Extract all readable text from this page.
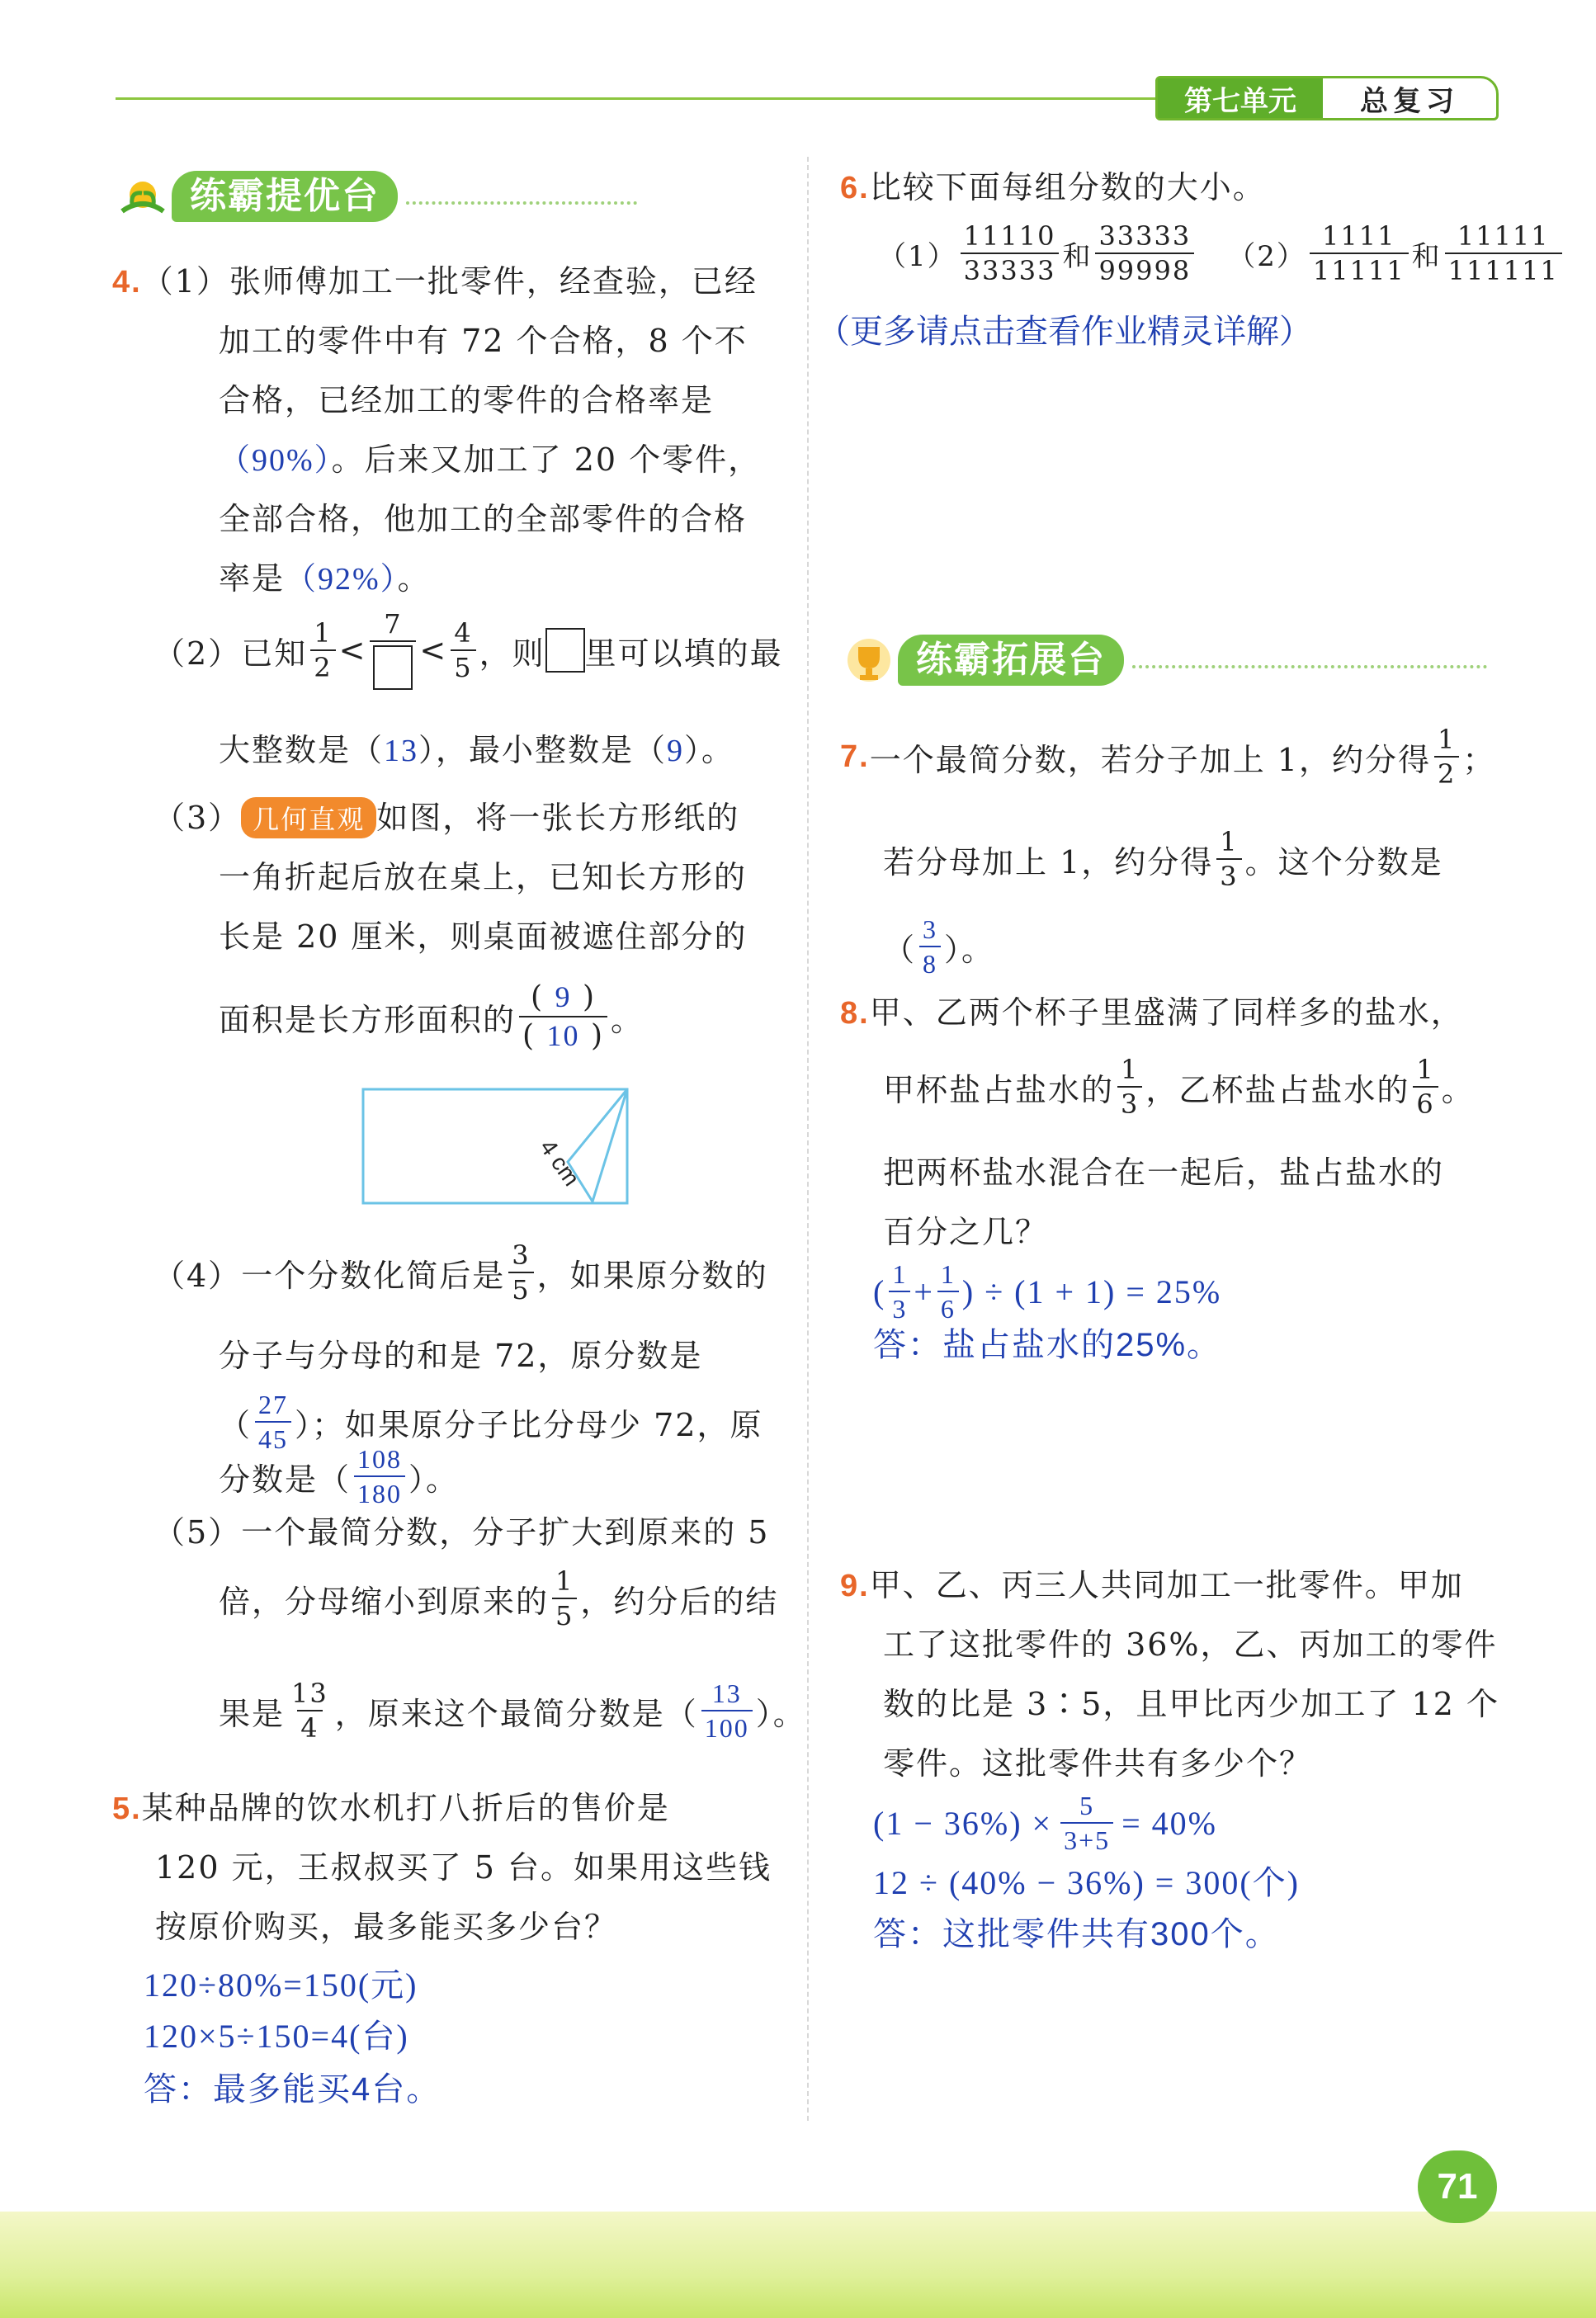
第七单元	总复习
练霸提优台
练霸拓展台
4.（1）张师傅加工一批零件，经查验，已经
加工的零件中有 72 个合格，8 个不
合格，已经加工的零件的合格率是
（90%）。后来又加工了 20 个零件，
全部合格，他加工的全部零件的合格
率是（92%）。
（2） 已知 $\frac{1}{2}$ <
7
< $\frac{4}{5}$ ，则 里可以填的最
大整数是（13），最小整数是（9）。
（3） 几何直观 如图，将一张长方形纸的
一角折起后放在桌上，已知长方形的
长是 20 厘米，则桌面被遮住部分的
面积是长方形面积的 $\frac{( 9 )}{( 10 )}$ 。
4 cm
（4） 一个分数化简后是 $\frac{3}{5}$ ，如果原分数的
分子与分母的和是 72，原分数是
（ $\frac{27}{45}$ ）；如果原分子比分母少 72，原
分数是（ $\frac{108}{180}$ ）。
（5）一个最简分数，分子扩大到原来的 5
倍，分母缩小到原来的 $\frac{1}{5}$ ，约分后的结
果是 $\frac{13}{4}$ ，原来这个最简分数是（ $\frac{13}{100}$ ）。
5.某种品牌的饮水机打八折后的售价是
120 元，王叔叔买了 5 台。如果用这些钱
按原价购买，最多能买多少台？
120÷80%=150(元)
120×5÷150=4(台)
答：最多能买4台。
6.比较下面每组分数的大小。
$(1) \frac{11110}{33333}$ 和 $\frac{33333}{99998} (2) \frac{1111}{11111}$ 和 $\frac{11111}{111111}$
（更多请点击查看作业精灵详解）
7. 一个最简分数，若分子加上 1，约分得 $\frac{1}{2}$ ；
若分母加上 1，约分得 $\frac{1}{3}$ 。这个分数是
（ $\frac{3}{8}$ ）。
8.甲、乙两个杯子里盛满了同样多的盐水，
甲杯盐占盐水的 $\frac{1}{3}$ ，乙杯盐占盐水的 $\frac{1}{6}$ 。
把两杯盐水混合在一起后，盐占盐水的
百分之几？
( $\frac{1}{3} + \frac{1}{6}$ ) ÷ (1 + 1) = 25%
答：盐占盐水的25%。
9.甲、乙、丙三人共同加工一批零件。甲加
工了这批零件的 36%，乙、丙加工的零件
数的比是 3∶5，且甲比丙少加工了 12 个
零件。这批零件共有多少个？
$(1 - 36\%) \times \frac{5}{3+5} = 40\%$
12 ÷ (40% − 36%) = 300(个)
答：这批零件共有300个。
71
